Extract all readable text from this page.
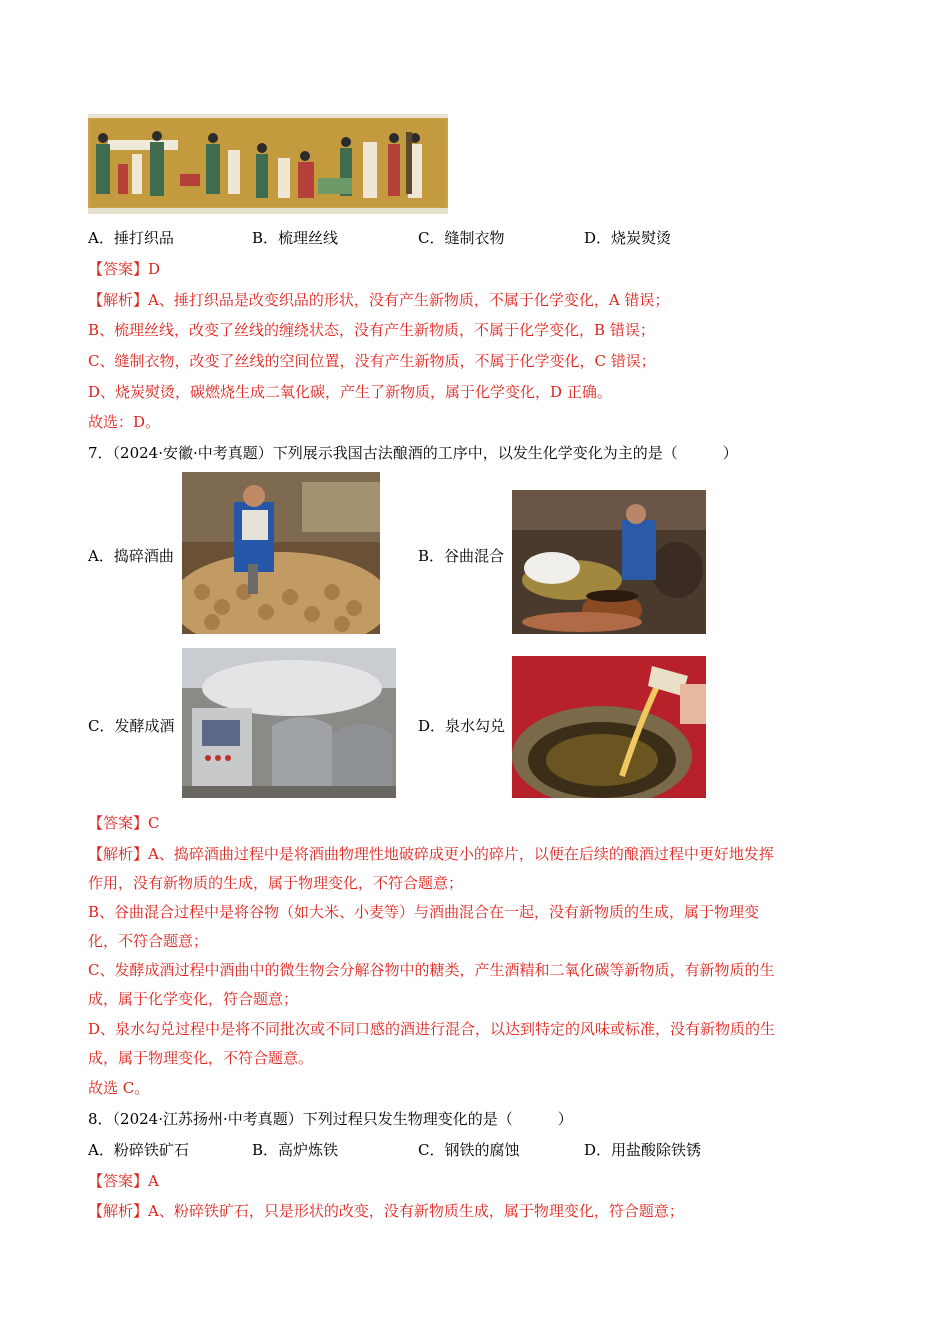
A．捶打织品	B．梳理丝线	C．缝制衣物	D．烧炭熨烫
【答案】D
【解析】A、捶打织品是改变织品的形状，没有产生新物质，不属于化学变化，A 错误；
B、梳理丝线，改变了丝线的缠绕状态，没有产生新物质，不属于化学变化，B 错误；
C、缝制衣物，改变了丝线的空间位置，没有产生新物质，不属于化学变化，C 错误；
D、烧炭熨烫，碳燃烧生成二氧化碳，产生了新物质，属于化学变化，D 正确。
故选：D。
7．（2024·安徽·中考真题）下列展示我国古法酿酒的工序中，以发生化学变化为主的是（　　　）
A．捣碎酒曲	B．谷曲混合
C．发酵成酒	D．泉水勾兑
【答案】C
【解析】A、捣碎酒曲过程中是将酒曲物理性地破碎成更小的碎片，以便在后续的酿酒过程中更好地发挥
作用，没有新物质的生成，属于物理变化，不符合题意；
B、谷曲混合过程中是将谷物（如大米、小麦等）与酒曲混合在一起，没有新物质的生成，属于物理变
化，不符合题意；
C、发酵成酒过程中酒曲中的微生物会分解谷物中的糖类，产生酒精和二氧化碳等新物质，有新物质的生
成，属于化学变化，符合题意；
D、泉水勾兑过程中是将不同批次或不同口感的酒进行混合，以达到特定的风味或标准，没有新物质的生
成，属于物理变化，不符合题意。
故选 C。
8．（2024·江苏扬州·中考真题）下列过程只发生物理变化的是（　　　）
A．粉碎铁矿石	B．高炉炼铁	C．钢铁的腐蚀	D．用盐酸除铁锈
【答案】A
【解析】A、粉碎铁矿石，只是形状的改变，没有新物质生成，属于物理变化，符合题意；
